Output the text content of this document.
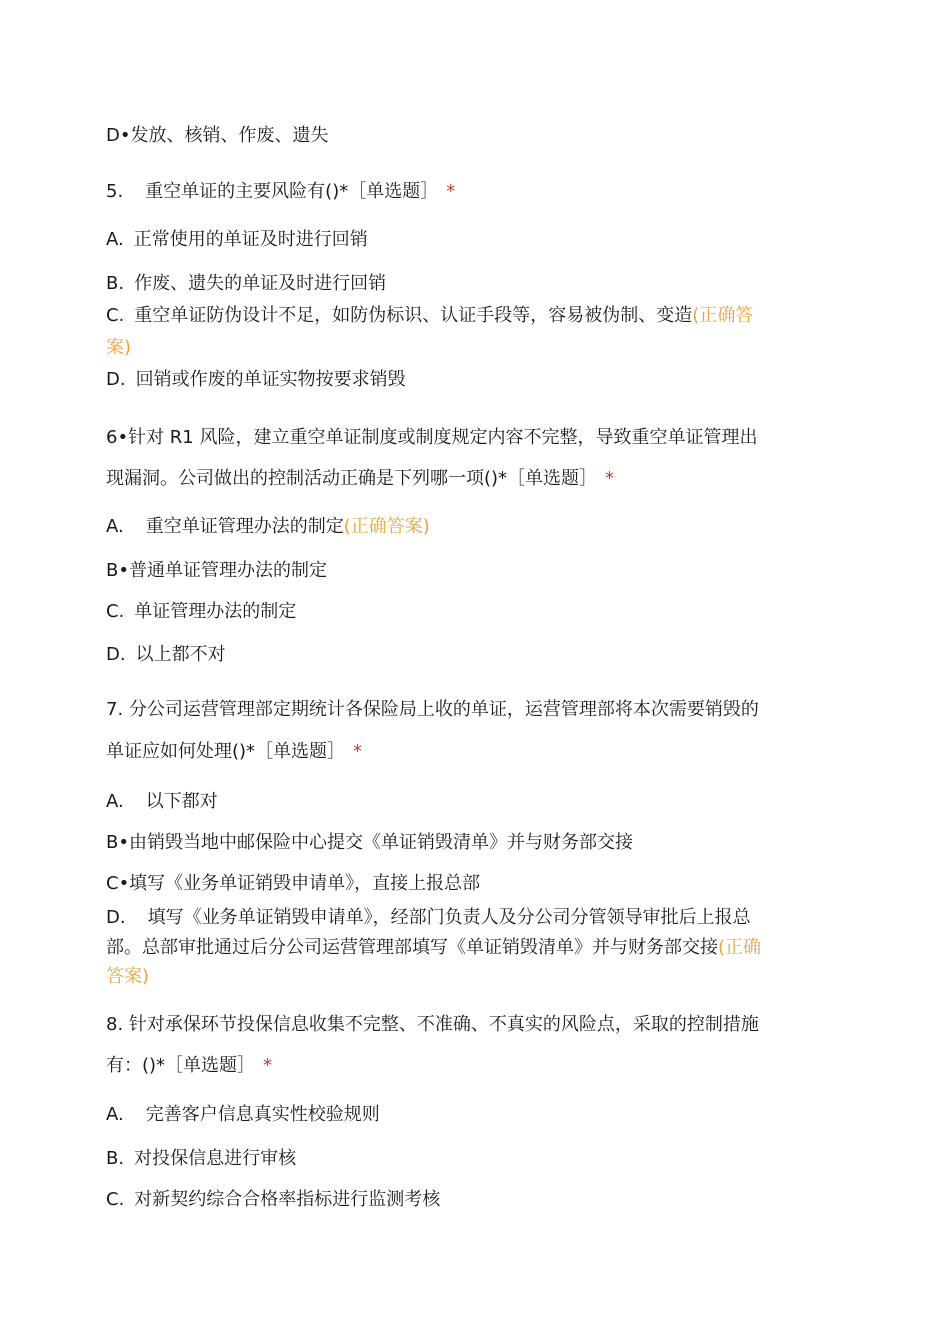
D•发放、核销、作废、遗失
5. 重空单证的主要风险有()*［单选题］ *
A. 正常使用的单证及时进行回销
B. 作废、遗失的单证及时进行回销
C. 重空单证防伪设计不足，如防伪标识、认证手段等，容易被伪制、变造(正确答
案)
D. 回销或作废的单证实物按要求销毁
6•针对 R1 风险，建立重空单证制度或制度规定内容不完整，导致重空单证管理出
现漏洞。公司做出的控制活动正确是下列哪一项()*［单选题］ *
A. 重空单证管理办法的制定(正确答案)
B•普通单证管理办法的制定
C. 单证管理办法的制定
D. 以上都不对
7. 分公司运营管理部定期统计各保险局上收的单证，运营管理部将本次需要销毁的
单证应如何处理()*［单选题］ *
A. 以下都对
B•由销毁当地中邮保险中心提交《单证销毁清单》并与财务部交接
C•填写《业务单证销毁申请单》，直接上报总部
D. 填写《业务单证销毁申请单》，经部门负责人及分公司分管领导审批后上报总
部。总部审批通过后分公司运营管理部填写《单证销毁清单》并与财务部交接(正确
答案)
8. 针对承保环节投保信息收集不完整、不准确、不真实的风险点，采取的控制措施
有：()*［单选题］ *
A. 完善客户信息真实性校验规则
B. 对投保信息进行审核
C. 对新契约综合合格率指标进行监测考核
